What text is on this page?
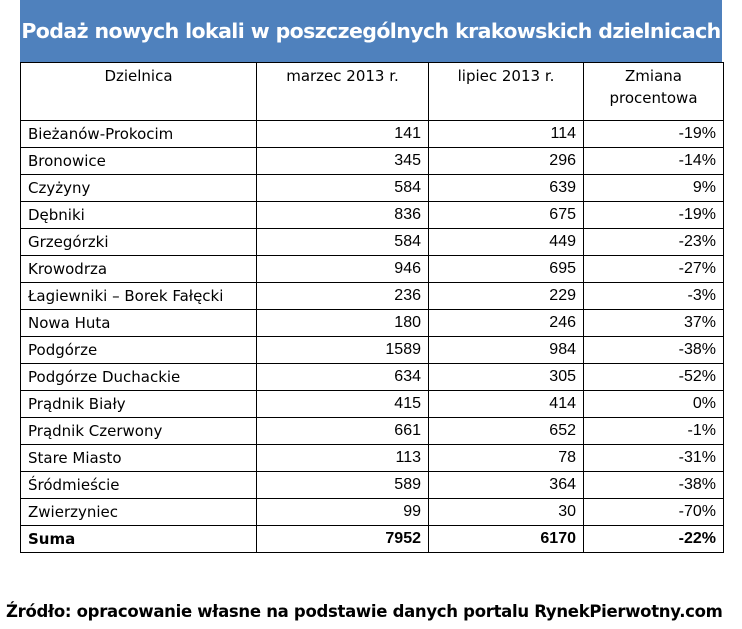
Podaż nowych lokali w poszczególnych krakowskich dzielnicach
Dzielnica	marzec 2013 r.	lipiec 2013 r.	Zmiana procentowa
Bieżanów-Prokocim	141	114	-19%
Bronowice	345	296	-14%
Czyżyny	584	639	9%
Dębniki	836	675	-19%
Grzegórzki	584	449	-23%
Krowodrza	946	695	-27%
Łagiewniki – Borek Fałęcki	236	229	-3%
Nowa Huta	180	246	37%
Podgórze	1589	984	-38%
Podgórze Duchackie	634	305	-52%
Prądnik Biały	415	414	0%
Prądnik Czerwony	661	652	-1%
Stare Miasto	113	78	-31%
Śródmieście	589	364	-38%
Zwierzyniec	99	30	-70%
Suma	7952	6170	-22%
Źródło: opracowanie własne na podstawie danych portalu RynekPierwotny.com
